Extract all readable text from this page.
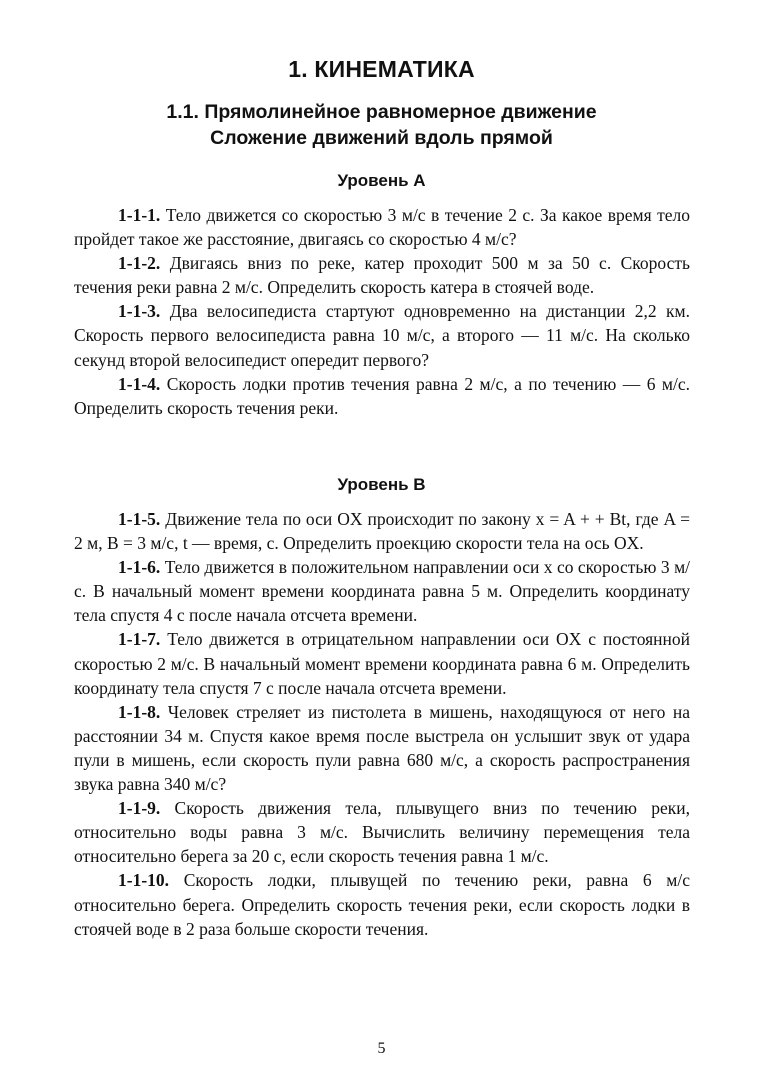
1. КИНЕМАТИКА
1.1. Прямолинейное равномерное движение
Сложение движений вдоль прямой
Уровень A

1-1-1. Тело движется со скоростью 3 м/с в течение 2 с. За какое время тело пройдет такое же расстояние, двигаясь со скоростью 4 м/с?

1-1-2. Двигаясь вниз по реке, катер проходит 500 м за 50 с. Скорость течения реки равна 2 м/с. Определить скорость катера в стоячей воде.

1-1-3. Два велосипедиста стартуют одновременно на дистанции 2,2 км. Скорость первого велосипедиста равна 10 м/с, а второго — 11 м/с. На сколько секунд второй велосипедист опередит первого?

1-1-4. Скорость лодки против течения равна 2 м/с, а по течению — 6 м/с. Определить скорость течения реки.

Уровень B

1-1-5. Движение тела по оси OX происходит по закону x = A + + Bt, где A = 2 м, B = 3 м/с, t — время, с. Определить проекцию скорости тела на ось OX.

1-1-6. Тело движется в положительном направлении оси x со скоростью 3 м/с. В начальный момент времени координата равна 5 м. Определить координату тела спустя 4 с после начала отсчета времени.

1-1-7. Тело движется в отрицательном направлении оси OX с постоянной скоростью 2 м/с. В начальный момент времени координата равна 6 м. Определить координату тела спустя 7 с после начала отсчета времени.

1-1-8. Человек стреляет из пистолета в мишень, находящуюся от него на расстоянии 34 м. Спустя какое время после выстрела он услышит звук от удара пули в мишень, если скорость пули равна 680 м/с, а скорость распространения звука равна 340 м/с?

1-1-9. Скорость движения тела, плывущего вниз по течению реки, относительно воды равна 3 м/с. Вычислить величину перемещения тела относительно берега за 20 с, если скорость течения равна 1 м/с.

1-1-10. Скорость лодки, плывущей по течению реки, равна 6 м/с относительно берега. Определить скорость течения реки, если скорость лодки в стоячей воде в 2 раза больше скорости течения.

5
